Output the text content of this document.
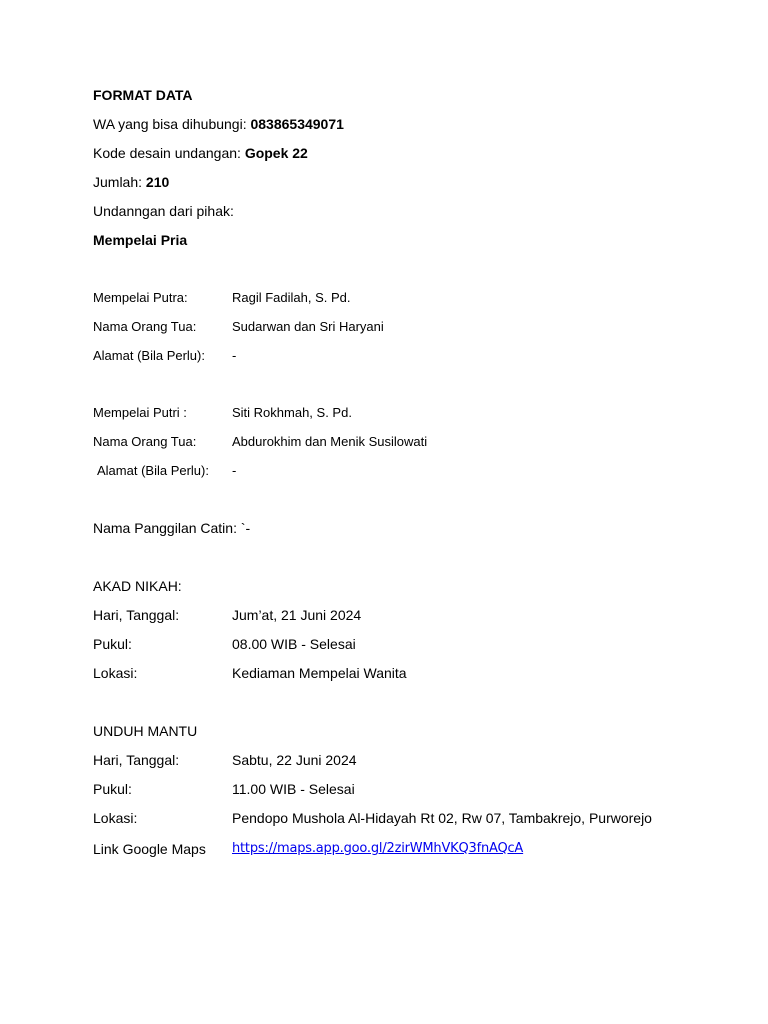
FORMAT DATA
WA yang bisa dihubungi: 083865349071
Kode desain undangan: Gopek 22
Jumlah: 210
Undanngan dari pihak:
Mempelai Pria
Mempelai Putra:	Ragil Fadilah, S. Pd.
Nama Orang Tua:	Sudarwan dan Sri Haryani
Alamat (Bila Perlu): -
Mempelai Putri :	Siti Rokhmah, S. Pd.
Nama Orang Tua:	Abdurokhim dan Menik Susilowati
Alamat (Bila Perlu): -
Nama Panggilan Catin: `-
AKAD NIKAH:
Hari, Tanggal:	Jum’at, 21 Juni 2024
Pukul:	08.00 WIB - Selesai
Lokasi:	Kediaman Mempelai Wanita
UNDUH MANTU
Hari, Tanggal:	Sabtu, 22 Juni 2024
Pukul:	11.00 WIB - Selesai
Lokasi:	Pendopo Mushola Al-Hidayah Rt 02, Rw 07, Tambakrejo, Purworejo
Link Google Maps https://maps.app.goo.gl/2zirWMhVKQ3fnAQcA
